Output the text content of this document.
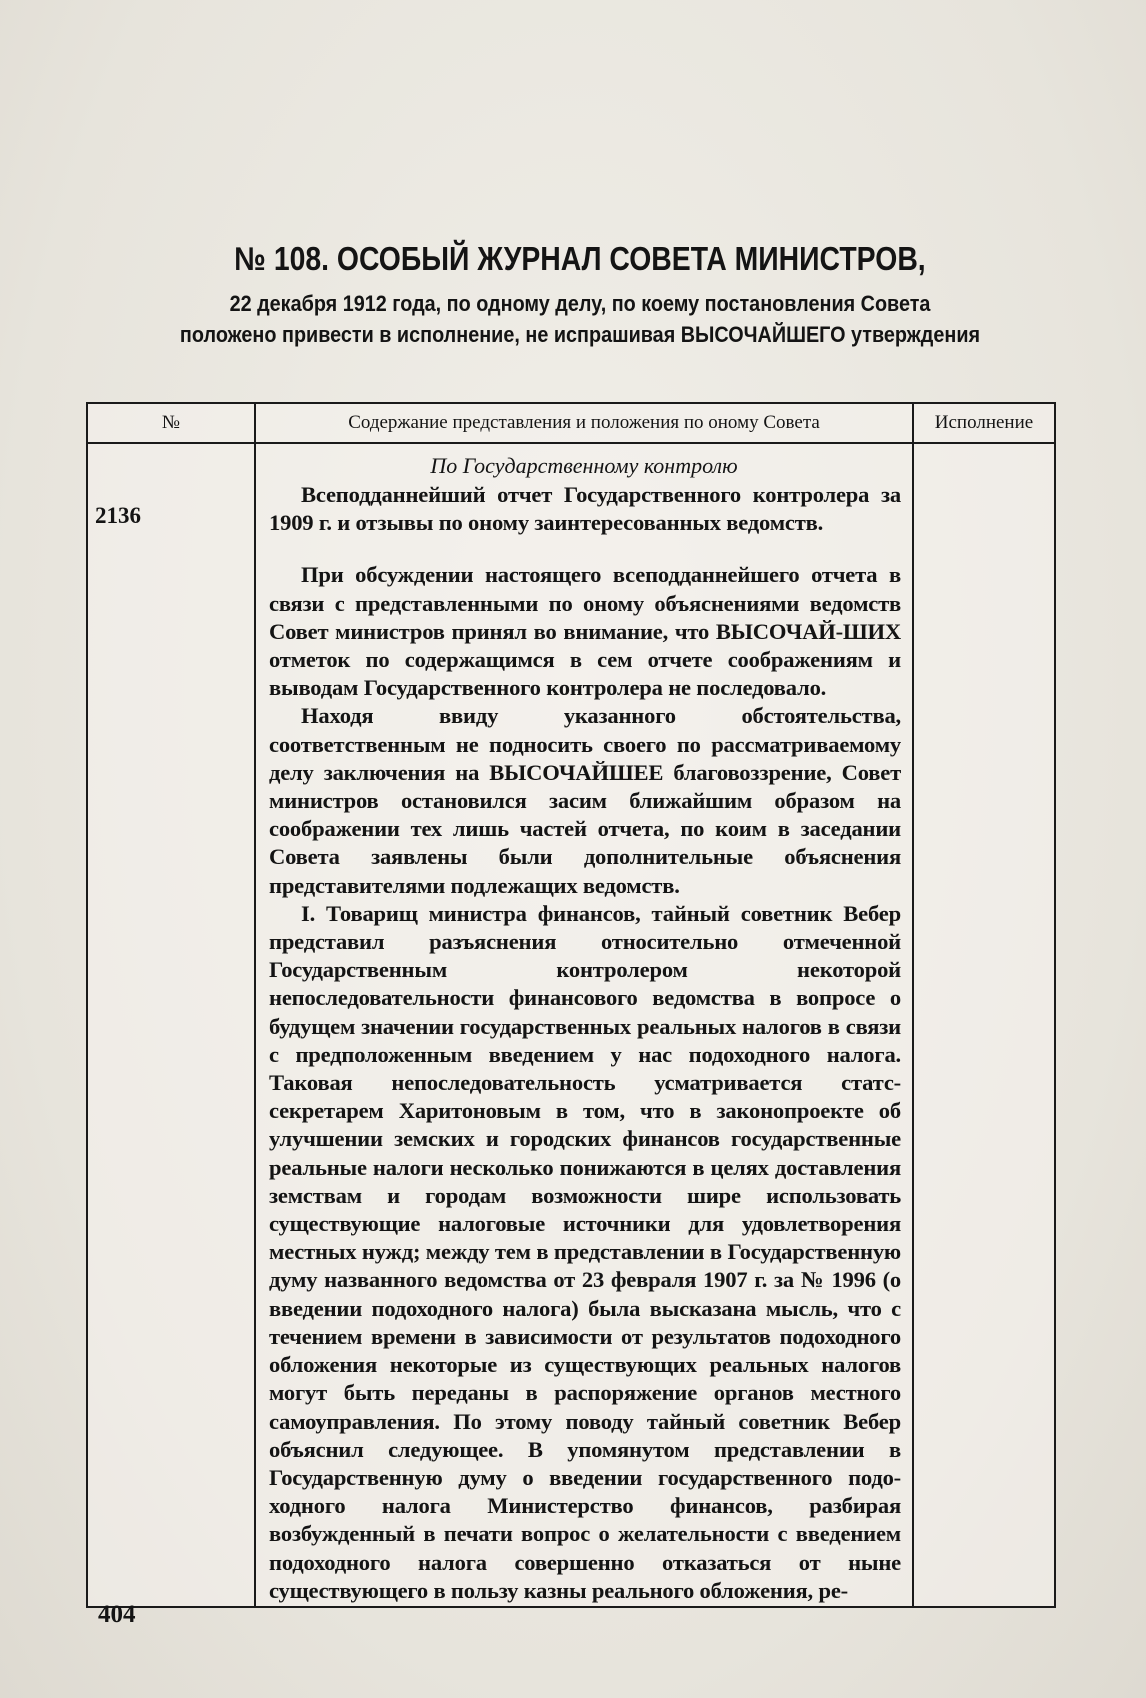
№ 108. ОСОБЫЙ ЖУРНАЛ СОВЕТА МИНИСТРОВ,
22 декабря 1912 года, по одному делу, по коему постановления Совета
положено привести в исполнение, не испрашивая ВЫСОЧАЙШЕГО утверждения
№	Содержание представления и положения по оному Совета	Исполнение

2136	По Государственному контролю

Всеподданнейший отчет Государственного контролера за 1909 г. и отзывы по оному заинтересованных ведомств.

При обсуждении настоящего всеподданнейшего отчета в связи с представленными по оному объяснениями ведомств Совет министров принял во внимание, что ВЫСОЧАЙ-ШИХ отметок по содержащимся в сем отчете соображениям и выводам Государственного контролера не последовало.

Находя ввиду указанного обстоятельства, соответственным не подносить своего по рассматриваемому делу заключения на ВЫСОЧАЙШЕЕ благовоззрение, Совет министров остановился засим ближайшим образом на соображении тех лишь частей отчета, по коим в заседании Совета заявлены были дополнительные объяснения представителями подлежащих ведомств.

I. Товарищ министра финансов, тайный советник Вебер представил разъяснения относительно отмеченной Государственным контролером некоторой непоследовательности финансового ведомства в вопросе о будущем значении государственных реальных налогов в связи с предположенным введением у нас подоходного налога. Таковая непоследовательность усматривается статс-секретарем Харитоновым в том, что в законопроекте об улучшении земских и городских финансов государственные реальные налоги несколько понижаются в целях доставления земствам и городам возможности шире использовать существующие налоговые источники для удовлетворения местных нужд; между тем в представлении в Государственную думу названного ведомства от 23 февраля 1907 г. за № 1996 (о введении подоходного налога) была высказана мысль, что с течением времени в зависимости от результатов подоходного обложения некоторые из существующих реальных налогов могут быть переданы в распоряжение органов местного самоуправления. По этому поводу тайный советник Вебер объяснил следующее. В упомянутом представлении в Государственную думу о введении государственного подо-ходного налога Министерство финансов, разбирая возбужденный в печати вопрос о желательности с введением подоходного налога совершенно отказаться от ныне существующего в пользу казны реального обложения, ре-	

404
